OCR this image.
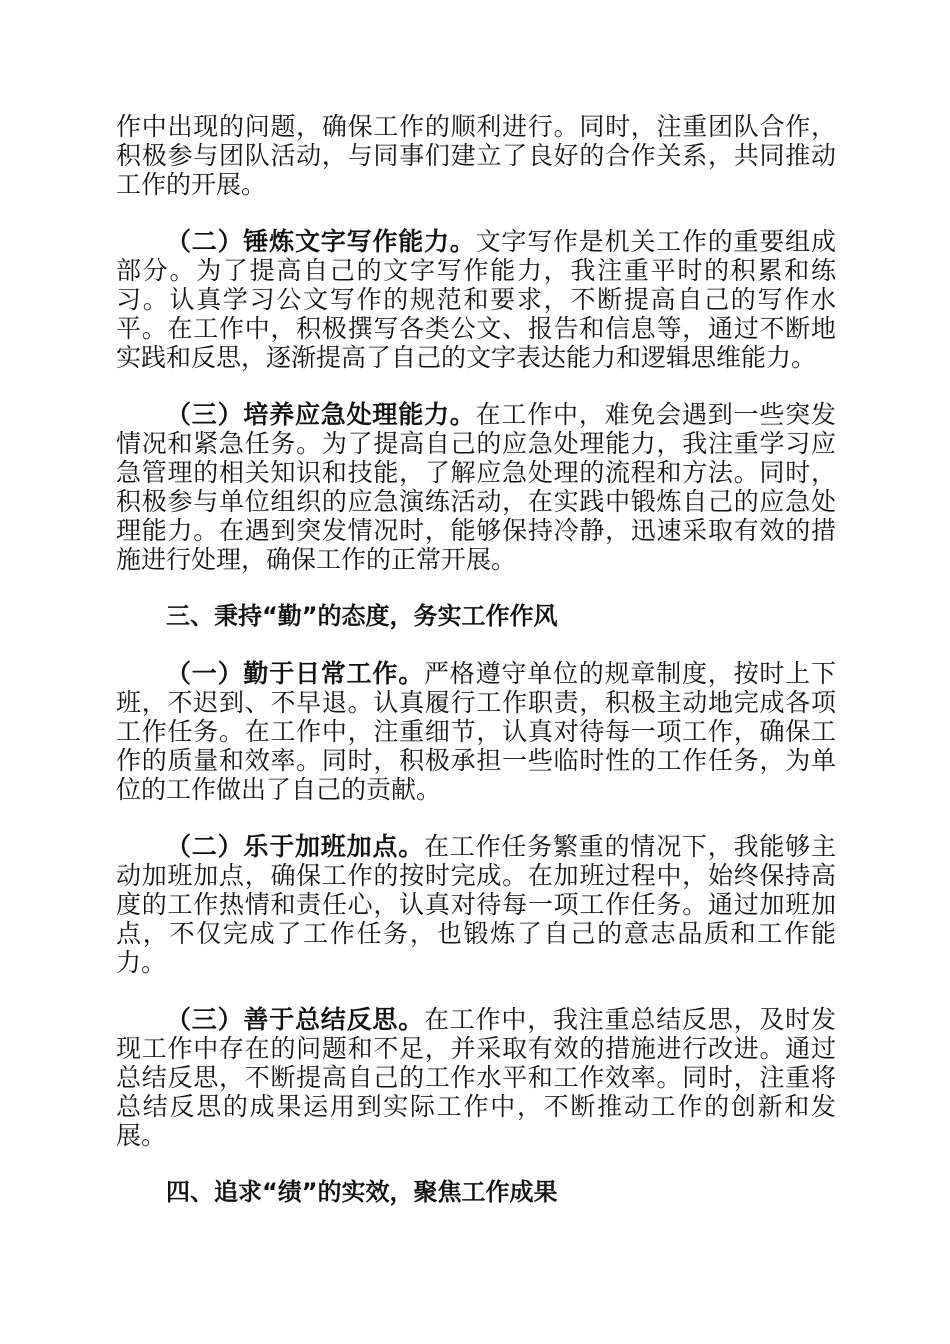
作中出现的问题，确保工作的顺利进行。同时，注重团队合作，积极参与团队活动，与同事们建立了良好的合作关系，共同推动工作的开展。

（二）锤炼文字写作能力。文字写作是机关工作的重要组成部分。为了提高自己的文字写作能力，我注重平时的积累和练习。认真学习公文写作的规范和要求，不断提高自己的写作水平。在工作中，积极撰写各类公文、报告和信息等，通过不断地实践和反思，逐渐提高了自己的文字表达能力和逻辑思维能力。

（三）培养应急处理能力。在工作中，难免会遇到一些突发情况和紧急任务。为了提高自己的应急处理能力，我注重学习应急管理的相关知识和技能，了解应急处理的流程和方法。同时，积极参与单位组织的应急演练活动，在实践中锻炼自己的应急处理能力。在遇到突发情况时，能够保持冷静，迅速采取有效的措施进行处理，确保工作的正常开展。

三、秉持“勤”的态度，务实工作作风

（一）勤于日常工作。严格遵守单位的规章制度，按时上下班，不迟到、不早退。认真履行工作职责，积极主动地完成各项工作任务。在工作中，注重细节，认真对待每一项工作，确保工作的质量和效率。同时，积极承担一些临时性的工作任务，为单位的工作做出了自己的贡献。

（二）乐于加班加点。在工作任务繁重的情况下，我能够主动加班加点，确保工作的按时完成。在加班过程中，始终保持高度的工作热情和责任心，认真对待每一项工作任务。通过加班加点，不仅完成了工作任务，也锻炼了自己的意志品质和工作能力。

（三）善于总结反思。在工作中，我注重总结反思，及时发现工作中存在的问题和不足，并采取有效的措施进行改进。通过总结反思，不断提高自己的工作水平和工作效率。同时，注重将总结反思的成果运用到实际工作中，不断推动工作的创新和发展。

四、追求“绩”的实效，聚焦工作成果
